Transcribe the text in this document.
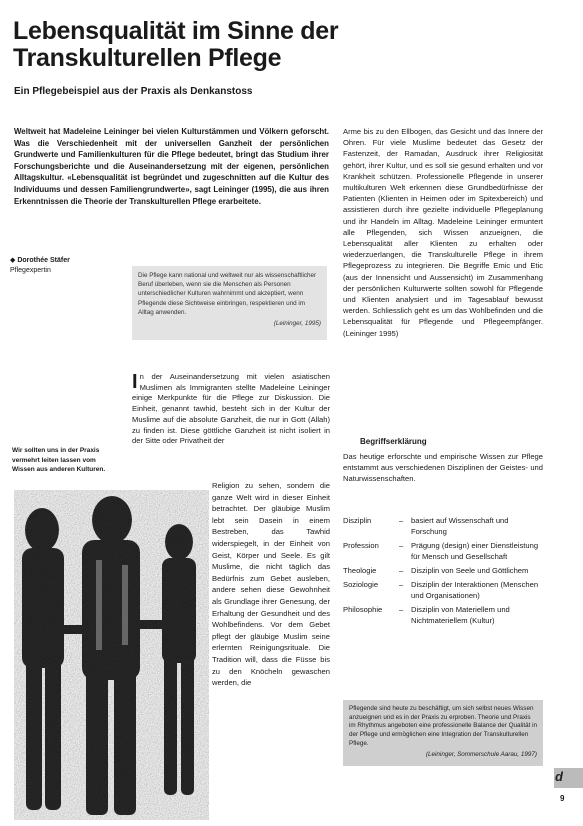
Lebensqualität im Sinne der Transkulturellen Pflege
Ein Pflegebeispiel aus der Praxis als Denkanstoss
Weltweit hat Madeleine Leininger bei vielen Kulturstämmen und Völkern geforscht. Was die Verschiedenheit mit der universellen Ganzheit der persönlichen Grundwerte und Familienkulturen für die Pflege bedeutet, bringt das Studium ihrer Forschungsberichte und die Auseinandersetzung mit der eigenen, persönlichen Alltagskultur. «Lebensqualität ist begründet und zugeschnitten auf die Kultur des Individuums und dessen Familiengrundwerte», sagt Leininger (1995), die aus ihren Erkenntnissen die Theorie der Transkulturellen Pflege erarbeitete.
◆ Dorothée Stäfer
Pflegexpertin
Die Pflege kann national und weltweit nur als wissenschaftlicher Beruf überleben, wenn sie die Menschen als Personen unterschiedlicher Kulturen wahrnimmt und akzeptiert, wenn Pflegende diese Sichtweise einbringen, respektieren und im Alltag anwenden.
(Leininger, 1995)
I n der Auseinandersetzung mit vielen asiatischen Muslimen als Immigranten stellte Madeleine Leininger einige Merkpunkte für die Pflege zur Diskussion. Die Einheit, genannt tawhid, besteht sich in der Kultur der Muslime auf die absolute Ganzheit, die nur in Gott (Allah) zu finden ist. Diese göttliche Ganzheit ist nicht isoliert in der Sitte oder Privatheit der
Wir sollten uns in der Praxis vermehrt leiten lassen vom Wissen aus anderen Kulturen.
Religion zu sehen, sondern die ganze Welt wird in dieser Einheit betrachtet. Der gläubige Muslim lebt sein Dasein in einem Bestreben, das Tawhid widerspiegelt, in der Einheit von Geist, Körper und Seele. Es gilt Muslime, die nicht täglich das Bedürfnis zum Gebet ausleben, andere sehen diese Gewohnheit als Grundlage ihrer Genesung, der Erhaltung der Gesundheit und des Wohlbefindens. Vor dem Gebet pflegt der gläubige Muslim seine erlernten Reinigungsrituale. Die Tradition will, dass die Füsse bis zu den Knöcheln gewaschen werden, die
Arme bis zu den Ellbogen, das Gesicht und das Innere der Ohren. Für viele Muslime bedeutet das Gesetz der Fastenzeit, der Ramadan, Ausdruck ihrer Religiosität gehört, ihrer Kultur, und es soll sie gesund erhalten und vor Krankheit schützen. Professionelle Pflegende in unserer multikulturen Welt erkennen diese Grundbedürfnisse der Patienten (Klienten in Heimen oder im Spitexbereich) und assistieren durch ihre gezielte individuelle Pflegeplanung und ihr Handeln im Alltag. Madeleine Leininger ermuntert alle Pflegenden, sich Wissen anzueignen, die Lebensqualität aller Klienten zu erhalten oder wiederzuerlangen, die Transkulturelle Pflege in ihrem Pflegeprozess zu integrieren. Die Begriffe Emic und Etic (aus der Innensicht und Aussensicht) im Zusammenhang der persönlichen Kulturwerte sollten sowohl für Pflegende und Klienten analysiert und im Tagesablauf bewusst werden. Schliesslich geht es um das Wohlbefinden und die Lebensqualität für Pflegende und Pflegeempfänger. (Leininger 1995)
Begriffserklärung
Das heutige erforschte und empirische Wissen zur Pflege entstammt aus verschiedenen Disziplinen der Geistes- und Naturwissenschaften.
Disziplin	–	basiert auf Wissenschaft und Forschung
Profession	–	Prägung (design) einer Dienstleistung für Mensch und Gesellschaft
Theologie	–	Disziplin von Seele und Göttlichem
Soziologie	–	Disziplin der Interaktionen (Menschen und Organisationen)
Philosophie	–	Disziplin von Materiellem und Nichtmateriellem (Kultur)
Pflegende sind heute zu beschäftigt, um sich selbst neues Wissen anzueignen und es in der Praxis zu erproben. Theorie und Praxis im Rhythmus angeboten eine professionelle Balance der Qualität in der Pflege und ermöglichen eine Integration der Transkulturellen Pflege.
(Leininger, Sommerschule Aarau, 1997)
d
9
